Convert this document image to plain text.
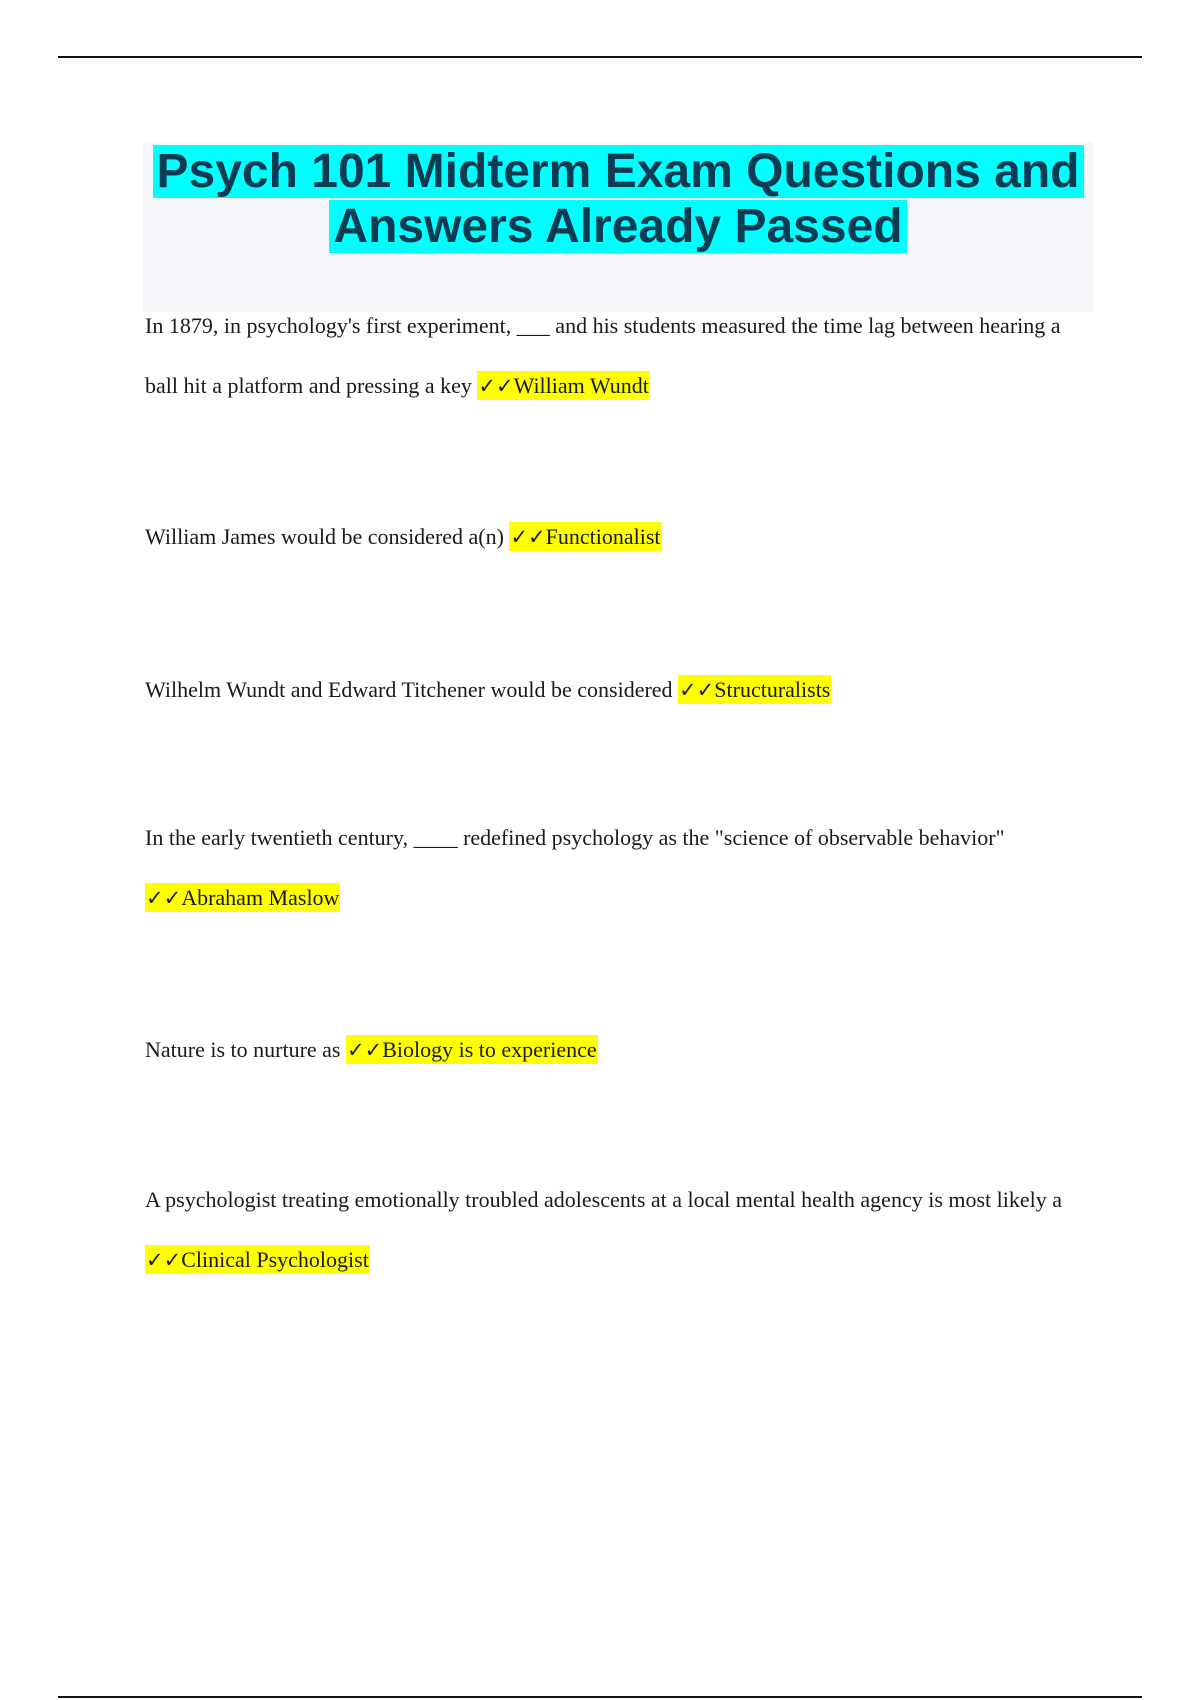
Psych 101 Midterm Exam Questions and
Answers Already Passed

In 1879, in psychology's first experiment, ___ and his students measured the time lag between hearing a ball hit a platform and pressing a key ✓✓William Wundt

William James would be considered a(n) ✓✓Functionalist

Wilhelm Wundt and Edward Titchener would be considered ✓✓Structuralists

In the early twentieth century, ____ redefined psychology as the "science of observable behavior" ✓✓Abraham Maslow

Nature is to nurture as ✓✓Biology is to experience

A psychologist treating emotionally troubled adolescents at a local mental health agency is most likely a ✓✓Clinical Psychologist
